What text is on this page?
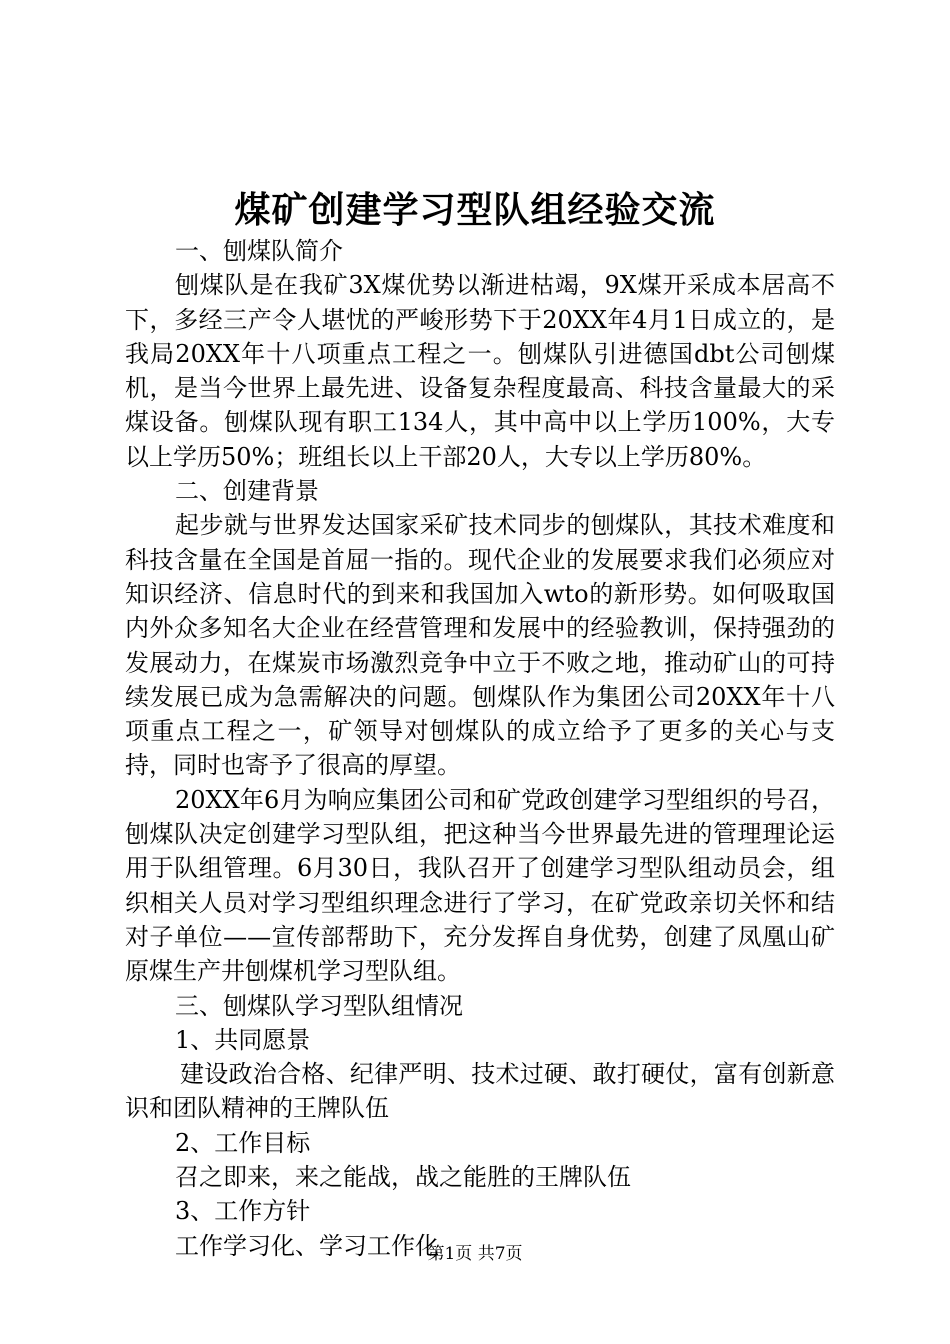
煤矿创建学习型队组经验交流

一、刨煤队简介

刨煤队是在我矿3X煤优势以渐进枯竭，9X煤开采成本居高不下，多经三产令人堪忧的严峻形势下于20XX年4月1日成立的，是我局20XX年十八项重点工程之一。刨煤队引进德国dbt公司刨煤机，是当今世界上最先进、设备复杂程度最高、科技含量最大的采煤设备。刨煤队现有职工134人，其中高中以上学历100%，大专以上学历50%；班组长以上干部20人，大专以上学历80%。

二、创建背景

起步就与世界发达国家采矿技术同步的刨煤队，其技术难度和科技含量在全国是首屈一指的。现代企业的发展要求我们必须应对知识经济、信息时代的到来和我国加入wto的新形势。如何吸取国内外众多知名大企业在经营管理和发展中的经验教训，保持强劲的发展动力，在煤炭市场激烈竞争中立于不败之地，推动矿山的可持续发展已成为急需解决的问题。刨煤队作为集团公司20XX年十八项重点工程之一，矿领导对刨煤队的成立给予了更多的关心与支持，同时也寄予了很高的厚望。

20XX年6月为响应集团公司和矿党政创建学习型组织的号召，刨煤队决定创建学习型队组，把这种当今世界最先进的管理理论运用于队组管理。6月30日，我队召开了创建学习型队组动员会，组织相关人员对学习型组织理念进行了学习，在矿党政亲切关怀和结对子单位——宣传部帮助下，充分发挥自身优势，创建了凤凰山矿原煤生产井刨煤机学习型队组。

三、刨煤队学习型队组情况

1、共同愿景

建设政治合格、纪律严明、技术过硬、敢打硬仗，富有创新意识和团队精神的王牌队伍

2、工作目标

召之即来，来之能战，战之能胜的王牌队伍

3、工作方针

工作学习化、学习工作化

第1页 共7页
